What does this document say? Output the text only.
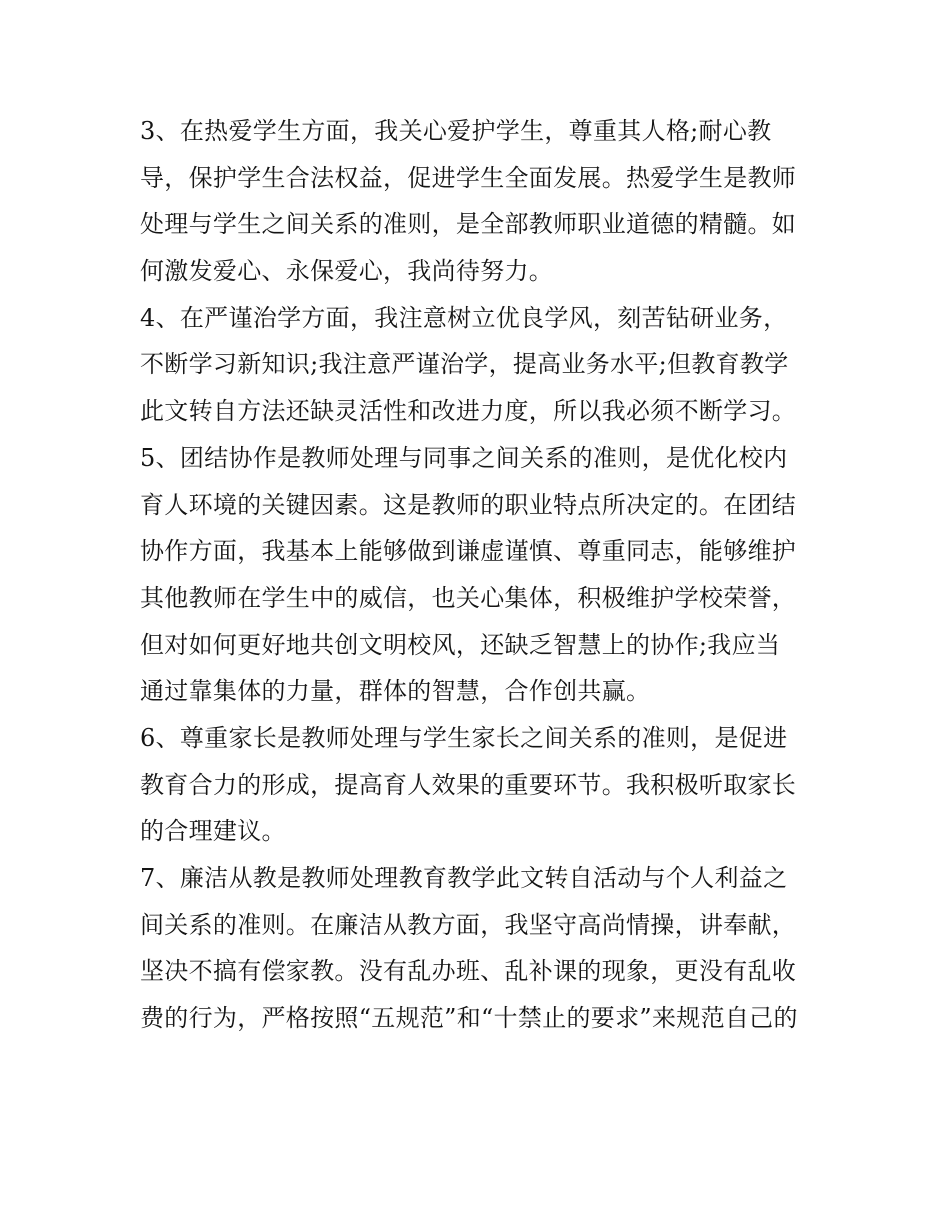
3、在热爱学生方面，我关心爱护学生，尊重其人格;耐心教
导，保护学生合法权益，促进学生全面发展。热爱学生是教师
处理与学生之间关系的准则，是全部教师职业道德的精髓。如
何激发爱心、永保爱心，我尚待努力。
4、在严谨治学方面，我注意树立优良学风，刻苦钻研业务，
不断学习新知识;我注意严谨治学，提高业务水平;但教育教学
此文转自方法还缺灵活性和改进力度，所以我必须不断学习。
5、团结协作是教师处理与同事之间关系的准则，是优化校内
育人环境的关键因素。这是教师的职业特点所决定的。在团结
协作方面，我基本上能够做到谦虚谨慎、尊重同志，能够维护
其他教师在学生中的威信，也关心集体，积极维护学校荣誉，
但对如何更好地共创文明校风，还缺乏智慧上的协作;我应当
通过靠集体的力量，群体的智慧，合作创共赢。
6、尊重家长是教师处理与学生家长之间关系的准则，是促进
教育合力的形成，提高育人效果的重要环节。我积极听取家长
的合理建议。
7、廉洁从教是教师处理教育教学此文转自活动与个人利益之
间关系的准则。在廉洁从教方面，我坚守高尚情操，讲奉献，
坚决不搞有偿家教。没有乱办班、乱补课的现象，更没有乱收
费的行为，严格按照“五规范”和“十禁止的要求”来规范自己的
